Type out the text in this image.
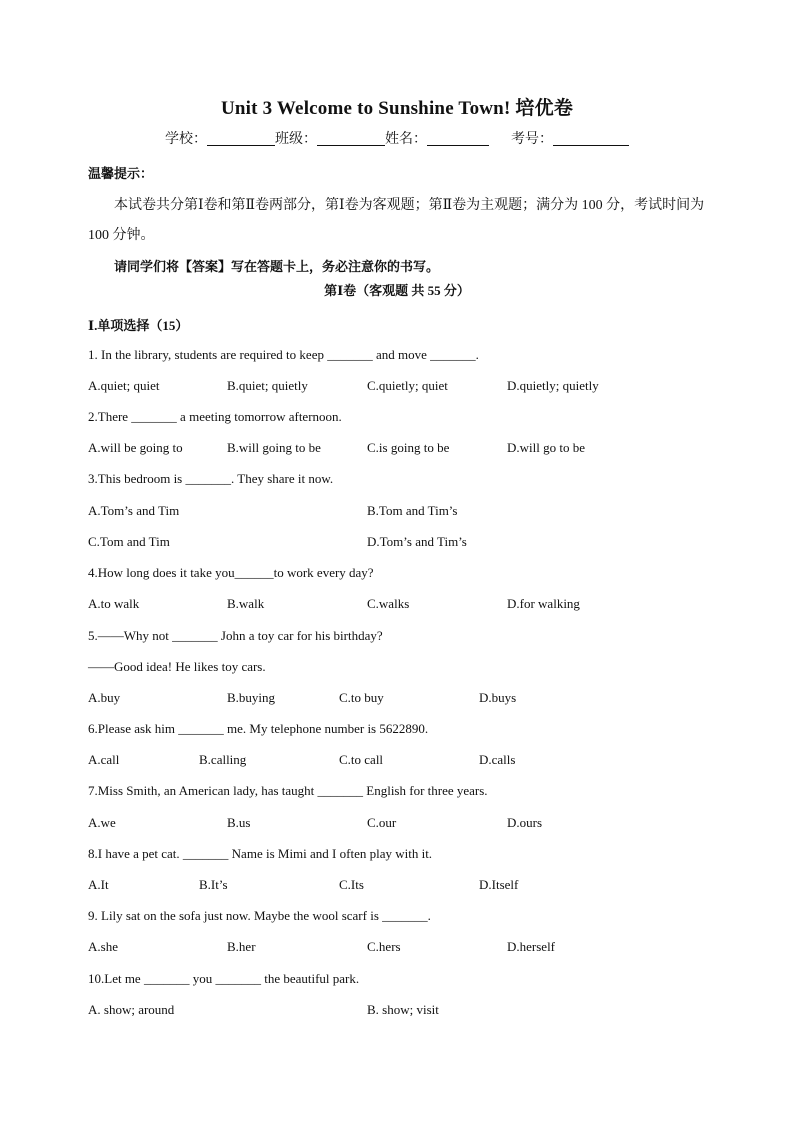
Unit 3 Welcome to Sunshine Town! 培优卷
学校：	班级：	姓名：	考号：
温馨提示：
本试卷共分第Ⅰ卷和第Ⅱ卷两部分，第Ⅰ卷为客观题；第Ⅱ卷为主观题；满分为 100 分，考试时间为 100 分钟。
请同学们将【答案】写在答题卡上，务必注意你的书写。
第Ⅰ卷（客观题 共 55 分）
Ⅰ.单项选择（15）
1. In the library, students are required to keep _______ and move _______.
A.quiet; quiet	B.quiet; quietly	C.quietly; quiet	D.quietly; quietly
2.There _______ a meeting tomorrow afternoon.
A.will be going to	B.will going to be	C.is going to be	D.will go to be
3.This bedroom is _______. They share it now.
A.Tom’s and Tim	B.Tom and Tim’s
C.Tom and Tim	D.Tom’s and Tim’s
4.How long does it take you______to work every day?
A.to walk	B.walk	C.walks	D.for walking
5.——Why not _______ John a toy car for his birthday?
——Good idea! He likes toy cars.
A.buy	B.buying	C.to buy	D.buys
6.Please ask him _______ me. My telephone number is 5622890.
A.call	B.calling	C.to call	D.calls
7.Miss Smith, an American lady, has taught _______ English for three years.
A.we	B.us	C.our	D.ours
8.I have a pet cat. _______ Name is Mimi and I often play with it.
A.It	B.It’s	C.Its	D.Itself
9. Lily sat on the sofa just now. Maybe the wool scarf is _______.
A.she	B.her	C.hers	D.herself
10.Let me _______ you _______ the beautiful park.
A. show; around	B. show; visit
